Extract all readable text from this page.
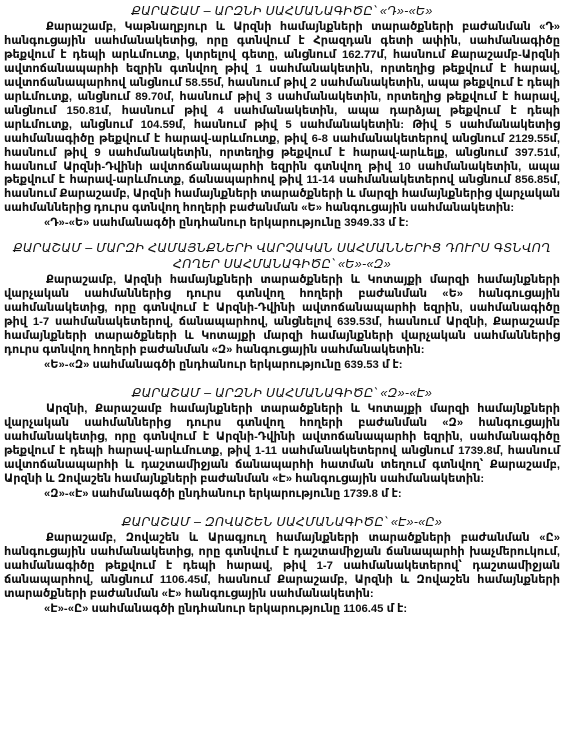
ՔԱՐԱՇԱՄ – ԱՐԶՆԻ ՍԱՀՄԱՆԱԳԻԾԸ՝ «Դ»-«Ե»

Քարաշամբ, Կաթնաղբյուր և Արզնի համայնքների տարածքների բաժանման «Դ» հանգուցային սահմանակետից, որը գտնվում է Հրազդան գետի ափին, սահմանագիծը թեքվում է դեպի արևմուտք, կտրելով գետը, անցնում 162.77մ, հասնում Քարաշամբ-Արզնի ավտոճանապարհի եզրին գտնվող թիվ 1 սահմանակետին, որտեղից թեքվում է հարավ, ավտոճանապարհով անցնում 58.55մ, հասնում թիվ 2 սահմանակետին, ապա թեքվում է դեպի արևմուտք, անցնում 89.70մ, հասնում թիվ 3 սահմանակետին, որտեղից թեքվում է հարավ, անցնում 150.81մ, հասնում թիվ 4 սահմանակետին, ապա դարձյալ թեքվում է դեպի արևմուտք, անցնում 104.59մ, հասնում թիվ 5 սահմանակետին: Թիվ 5 սահմանակետից սահմանագիծը թեքվում է հարավ-արևմուտք, թիվ 6-8 սահմանակետերով անցնում 2129.55մ, հասնում թիվ 9 սահմանակետին, որտեղից թեքվում է հարավ-արևելք, անցնում 397.51մ, հասնում Արզնի-Դվինի ավտոճանապարհի եզրին գտնվող թիվ 10 սահմանակետին, ապա թեքվում է հարավ-արևմուտք, ճանապարհով թիվ 11-14 սահմանակետերով անցնում 856.85մ, հասնում Քարաշամբ, Արզնի համայնքների տարածքների և մարզի համայնքներից վարչական սահմաններից դուրս գտնվող հողերի բաժանման «Ե» հանգուցային սահմանակետին:

«Դ»-«Ե» սահմանագծի ընդհանուր երկարությունը 3949.33 մ է:
ՔԱՐԱՇԱՄ – ՄԱՐԶԻ ՀԱՄԱՅՆՔՆԵՐԻ ՎԱՐՉԱԿԱՆ ՍԱՀՄԱՆՆԵՐԻՑ ԴՈՒՐՍ ԳՏՆՎՈՂ ՀՈՂԵՐ ՍԱՀՄԱՆԱԳԻԾԸ՝ «Ե»-«Զ»

Քարաշամբ, Արզնի համայնքների տարածքների և Կոտայքի մարզի համայնքների վարչական սահմաններից դուրս գտնվող հողերի բաժանման «Ե» հանգուցային սահմանակետից, որը գտնվում է Արզնի-Դվինի ավտոճանապարհի եզրին, սահմանագիծը թիվ 1-7 սահմանակետերով, ճանապարհով, անցնելով 639.53մ, հասնում Արզնի, Քարաշամբ համայնքների տարածքների և Կոտայքի մարզի համայնքների վարչական սահմաններից դուրս գտնվող հողերի բաժանման «Զ» հանգուցային սահմանակետին:

«Ե»-«Զ» սահմանագծի ընդհանուր երկարությունը 639.53 մ է:
ՔԱՐԱՇԱՄ – ԱՐԶՆԻ ՍԱՀՄԱՆԱԳԻԾԸ՝ «Զ»-«Է»

Արզնի, Քարաշամբ համայնքների տարածքների և Կոտայքի մարզի համայնքների վարչական սահմաններից դուրս գտնվող հողերի բաժանման «Զ» հանգուցային սահմանակետից, որը գտնվում է Արզնի-Դվինի ավտոճանապարհի եզրին, սահմանագիծը թեքվում է դեպի հարավ-արևմուտք, թիվ 1-11 սահմանակետերով անցնում 1739.8մ, հասնում ավտոճանապարհի և դաշտամիջյան ճանապարհի հատման տեղում գտնվող՝ Քարաշամբ, Արզնի և Զովաշեն համայնքների բաժանման «Է» հանգուցային սահմանակետին:

«Զ»-«Է» սահմանագծի ընդհանուր երկարությունը 1739.8 մ է:
ՔԱՐԱՇԱՄ – ԶՈՎԱՇԵՆ ՍԱՀՄԱՆԱԳԻԾԸ՝ «Է»-«Ը»

Քարաշամբ, Զովաշեն և Արագյուղ համայնքների տարածքների բաժանման «Ը» հանգուցային սահմանակետից, որը գտնվում է դաշտամիջյան ճանապարհի խաչմերուկում, սահմանագիծը թեքվում է դեպի հարավ, թիվ 1-7 սահմանակետերով՝ դաշտամիջյան ճանապարհով, անցնում 1106.45մ, հասնում Քարաշամբ, Արզնի և Զովաշեն համայնքների տարածքների բաժանման «Է» հանգուցային սահմանակետին:

«Է»-«Ը» սահմանագծի ընդհանուր երկարությունը 1106.45 մ է:
